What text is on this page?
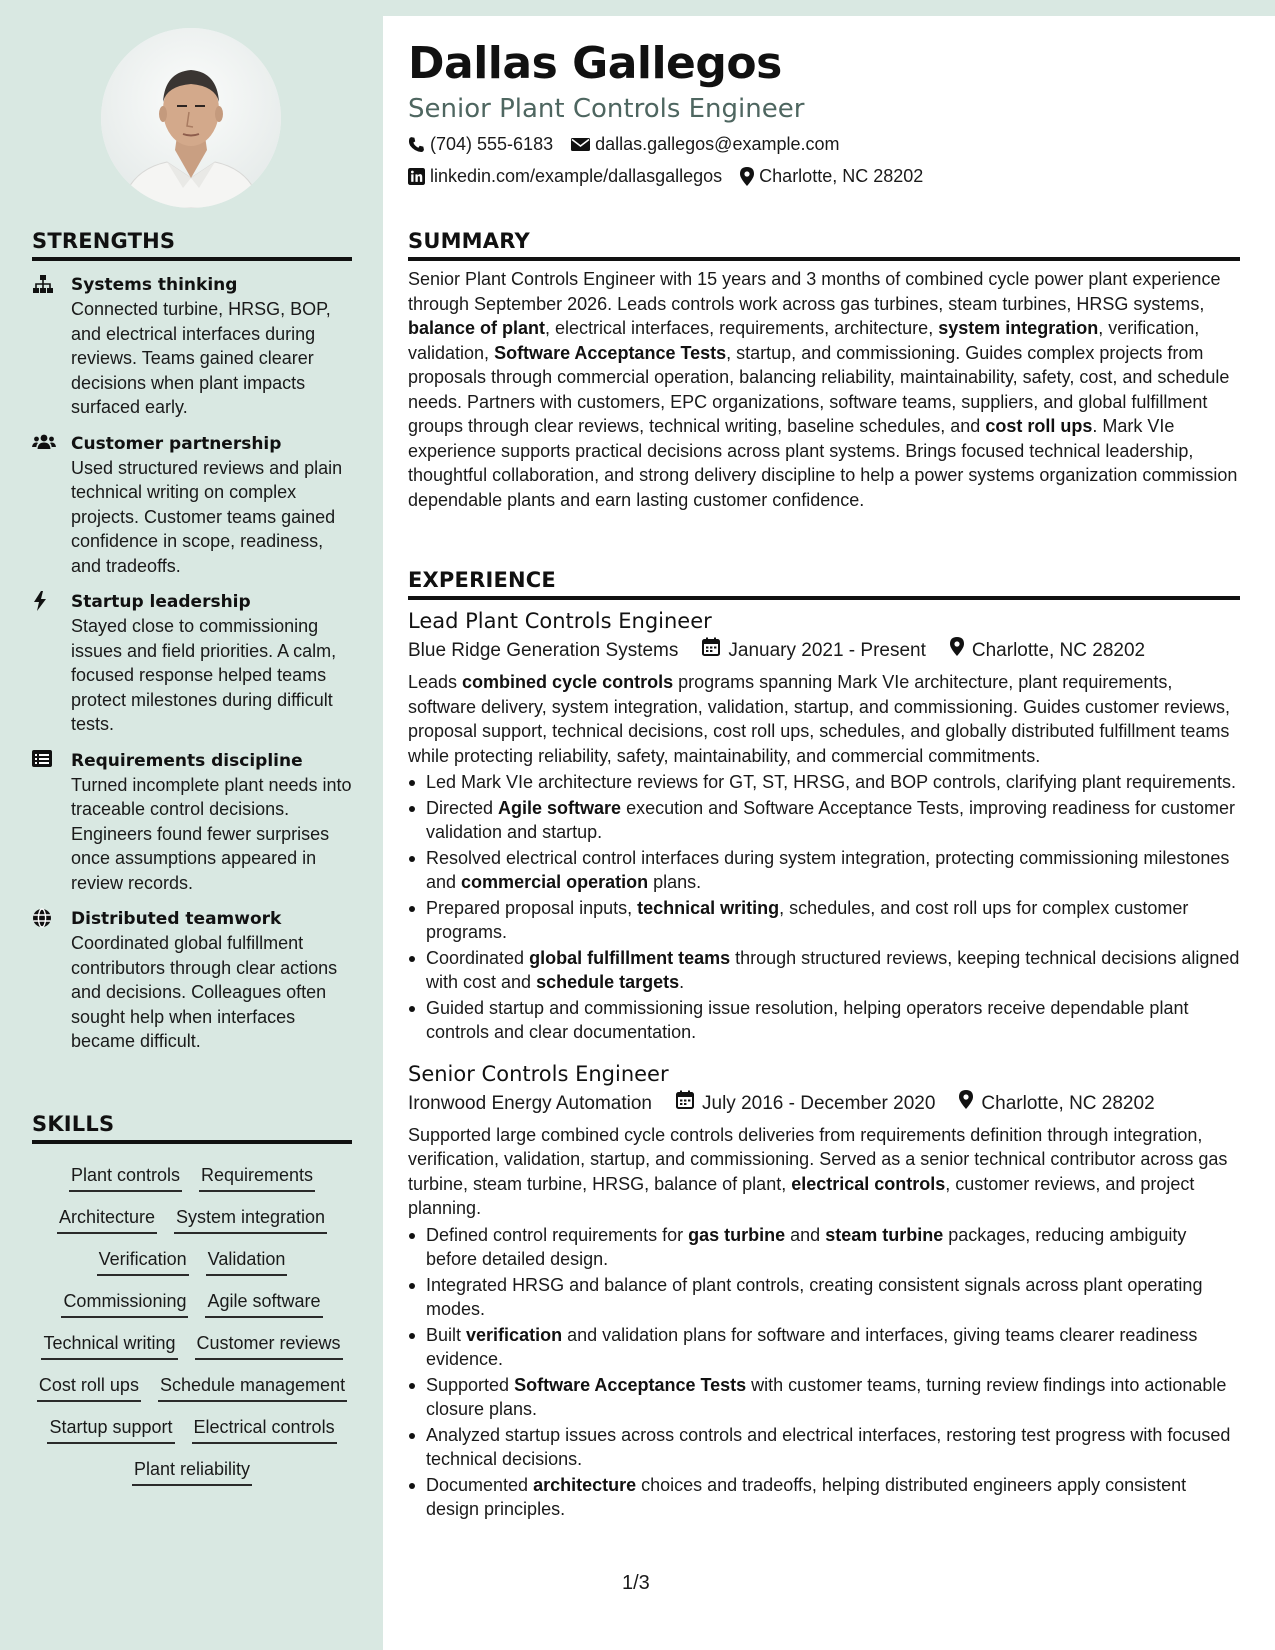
STRENGTHS
Systems thinking
Connected turbine, HRSG, BOP, and electrical interfaces during reviews. Teams gained clearer decisions when plant impacts surfaced early.
Customer partnership
Used structured reviews and plain technical writing on complex projects. Customer teams gained confidence in scope, readiness, and tradeoffs.
Startup leadership
Stayed close to commissioning issues and field priorities. A calm, focused response helped teams protect milestones during difficult tests.
Requirements discipline
Turned incomplete plant needs into traceable control decisions. Engineers found fewer surprises once assumptions appeared in review records.
Distributed teamwork
Coordinated global fulfillment contributors through clear actions and decisions. Colleagues often sought help when interfaces became difficult.
SKILLS
Plant controls Requirements
Architecture System integration
Verification Validation
Commissioning Agile software
Technical writing Customer reviews
Cost roll ups Schedule management
Startup support Electrical controls
Plant reliability
Dallas Gallegos
Senior Plant Controls Engineer
(704) 555-6183 dallas.gallegos@example.com
linkedin.com/example/dallasgallegos Charlotte, NC 28202
SUMMARY
Senior Plant Controls Engineer with 15 years and 3 months of combined cycle power plant experience through September 2026. Leads controls work across gas turbines, steam turbines, HRSG systems, balance of plant, electrical interfaces, requirements, architecture, system integration, verification, validation, Software Acceptance Tests, startup, and commissioning. Guides complex projects from proposals through commercial operation, balancing reliability, maintainability, safety, cost, and schedule needs. Partners with customers, EPC organizations, software teams, suppliers, and global fulfillment groups through clear reviews, technical writing, baseline schedules, and cost roll ups. Mark VIe experience supports practical decisions across plant systems. Brings focused technical leadership, thoughtful collaboration, and strong delivery discipline to help a power systems organization commission dependable plants and earn lasting customer confidence.
EXPERIENCE
Lead Plant Controls Engineer
Blue Ridge Generation Systems	January 2021 - Present Charlotte, NC 28202
Leads combined cycle controls programs spanning Mark VIe architecture, plant requirements, software delivery, system integration, validation, startup, and commissioning. Guides customer reviews, proposal support, technical decisions, cost roll ups, schedules, and globally distributed fulfillment teams while protecting reliability, safety, maintainability, and commercial commitments.
Led Mark VIe architecture reviews for GT, ST, HRSG, and BOP controls, clarifying plant requirements.
Directed Agile software execution and Software Acceptance Tests, improving readiness for customer validation and startup.
Resolved electrical control interfaces during system integration, protecting commissioning milestones and commercial operation plans.
Prepared proposal inputs, technical writing, schedules, and cost roll ups for complex customer programs.
Coordinated global fulfillment teams through structured reviews, keeping technical decisions aligned with cost and schedule targets.
Guided startup and commissioning issue resolution, helping operators receive dependable plant controls and clear documentation.
Senior Controls Engineer
Ironwood Energy Automation	July 2016 - December 2020 Charlotte, NC 28202
Supported large combined cycle controls deliveries from requirements definition through integration, verification, validation, startup, and commissioning. Served as a senior technical contributor across gas turbine, steam turbine, HRSG, balance of plant, electrical controls, customer reviews, and project planning.
Defined control requirements for gas turbine and steam turbine packages, reducing ambiguity before detailed design.
Integrated HRSG and balance of plant controls, creating consistent signals across plant operating modes.
Built verification and validation plans for software and interfaces, giving teams clearer readiness evidence.
Supported Software Acceptance Tests with customer teams, turning review findings into actionable closure plans.
Analyzed startup issues across controls and electrical interfaces, restoring test progress with focused technical decisions.
Documented architecture choices and tradeoffs, helping distributed engineers apply consistent design principles.
1/3
